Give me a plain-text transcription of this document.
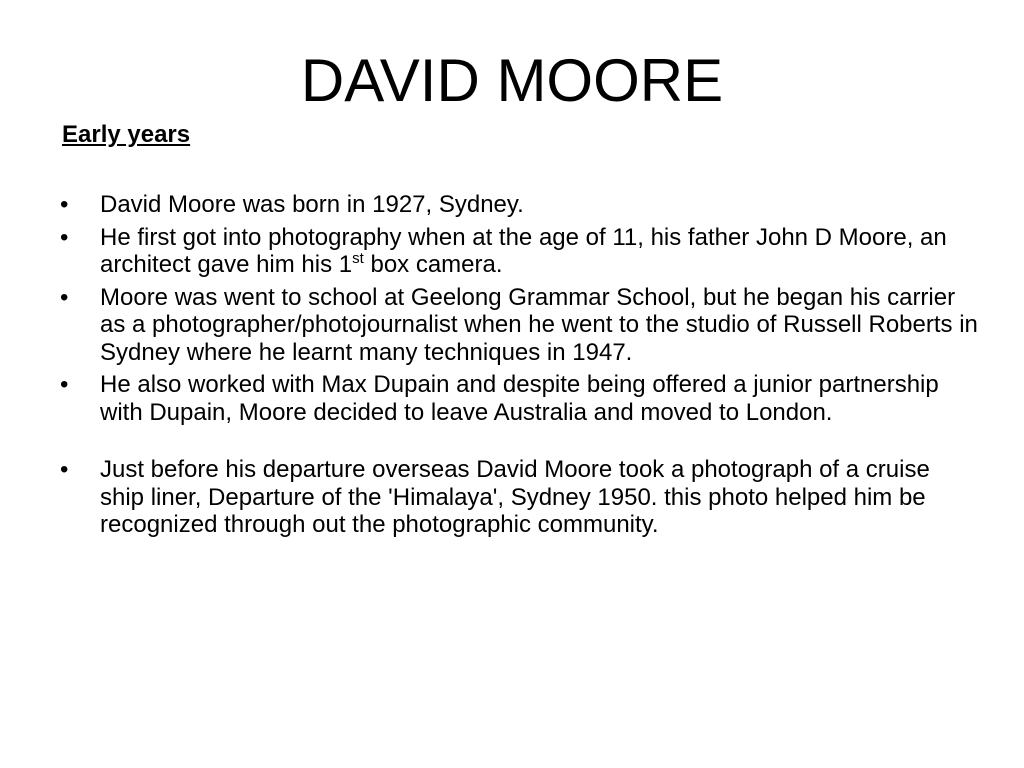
DAVID MOORE
Early years
•	David Moore was born in 1927, Sydney.
•	He first got into photography when at the age of 11, his father John D Moore, an architect gave him his 1st box camera.
•	Moore was went to school at Geelong Grammar School, but he began his carrier as a photographer/photojournalist when he went to the studio of Russell Roberts in Sydney where he learnt many techniques in 1947.
•	He also worked with Max Dupain and despite being offered a junior partnership with Dupain, Moore decided to leave Australia and moved to London.
•	Just before his departure overseas David Moore took a photograph of a cruise ship liner, Departure of the 'Himalaya', Sydney 1950. this photo helped him be recognized through out the photographic community.
